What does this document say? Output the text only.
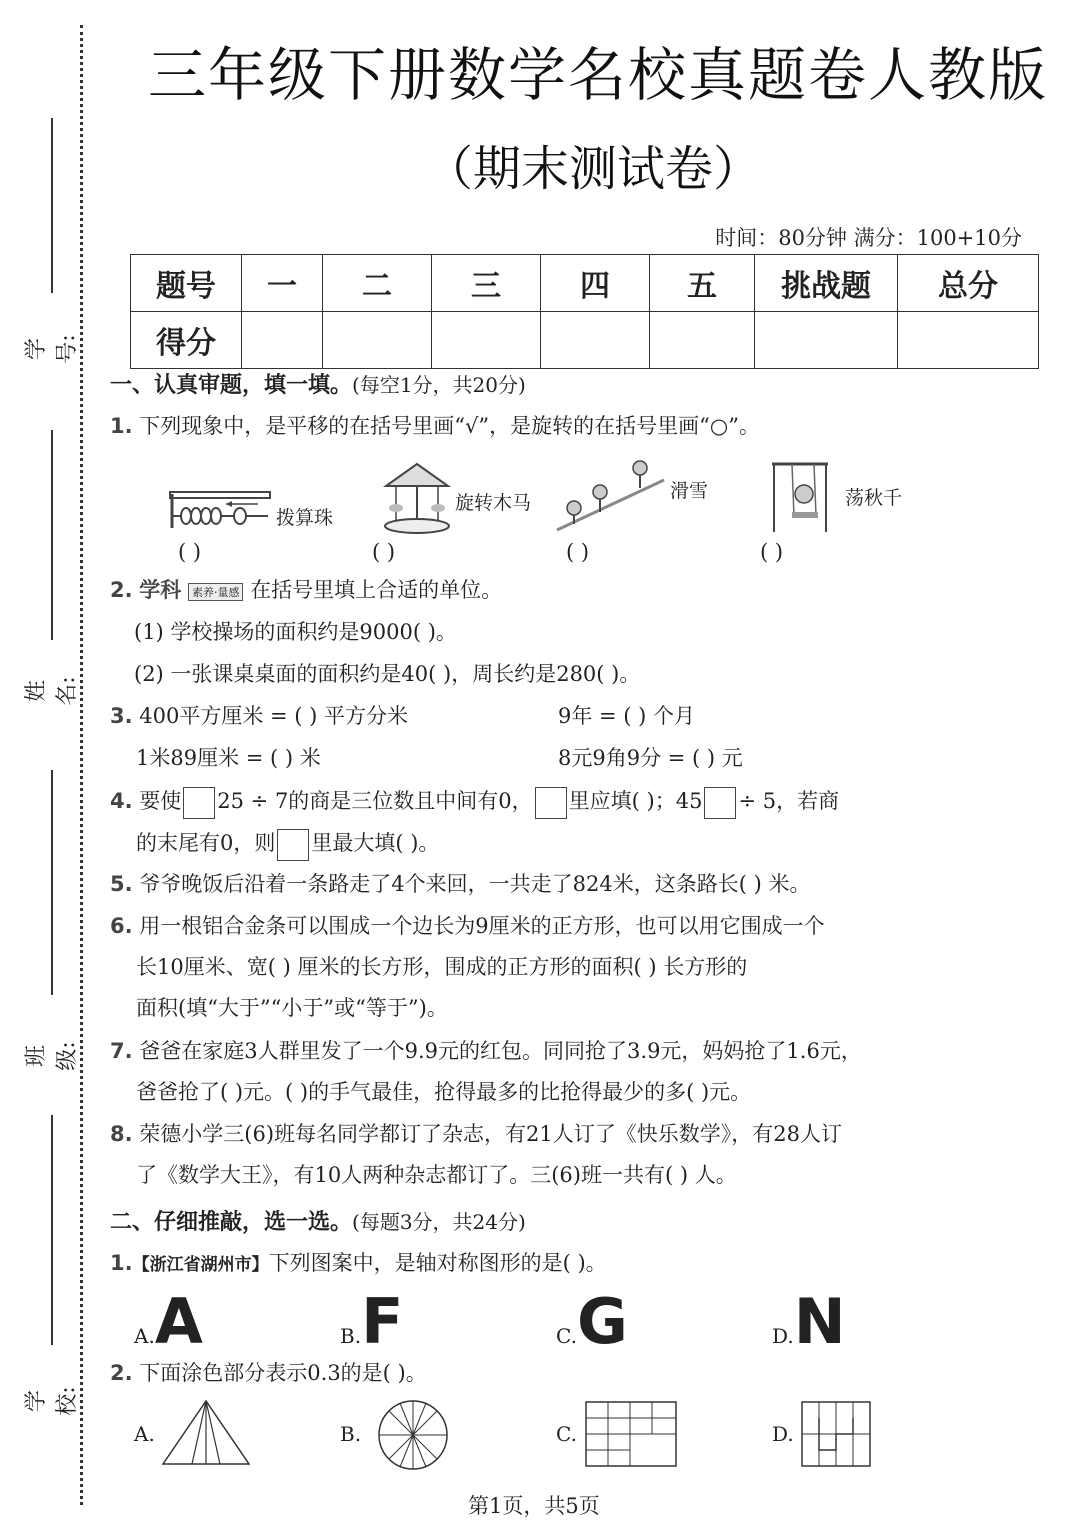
学号:
姓名:
班级:
学校:
三年级下册数学名校真题卷人教版
（期末测试卷）
时间：80分钟 满分：100+10分
题号	一	二	三	四	五	挑战题	总分
得分							
一、认真审题，填一填。(每空1分，共20分)
1. 下列现象中，是平移的在括号里画“√”，是旋转的在括号里画“○”。
拨算珠
旋转木马
滑雪	荡秋千
( )	( )	( )	( )
2. 学科 素养·量感 在括号里填上合适的单位。
(1) 学校操场的面积约是9000( )。
(2) 一张课桌桌面的面积约是40( )，周长约是280( )。
3. 400平方厘米 = ( ) 平方分米	9年 = ( ) 个月
1米89厘米 = ( ) 米	8元9角9分 = ( ) 元
4. 要使 25 ÷ 7的商是三位数且中间有0， 里应填( )；45 ÷ 5，若商
的末尾有0，则 里最大填( )。
5. 爷爷晚饭后沿着一条路走了4个来回，一共走了824米，这条路长( ) 米。
6. 用一根铝合金条可以围成一个边长为9厘米的正方形，也可以用它围成一个
长10厘米、宽( ) 厘米的长方形，围成的正方形的面积( ) 长方形的
面积(填“大于”“小于”或“等于”)。
7. 爸爸在家庭3人群里发了一个9.9元的红包。同同抢了3.9元，妈妈抢了1.6元，
爸爸抢了( )元。( )的手气最佳，抢得最多的比抢得最少的多( )元。
8. 荣德小学三(6)班每名同学都订了杂志，有21人订了《快乐数学》，有28人订
了《数学大王》，有10人两种杂志都订了。三(6)班一共有( ) 人。
二、仔细推敲，选一选。(每题3分，共24分)
1.【浙江省湖州市】下列图案中，是轴对称图形的是( )。
A.A	B.F	C.G	D.N
2. 下面涂色部分表示0.3的是( )。
A.	B.	C.	D.
第1页，共5页
